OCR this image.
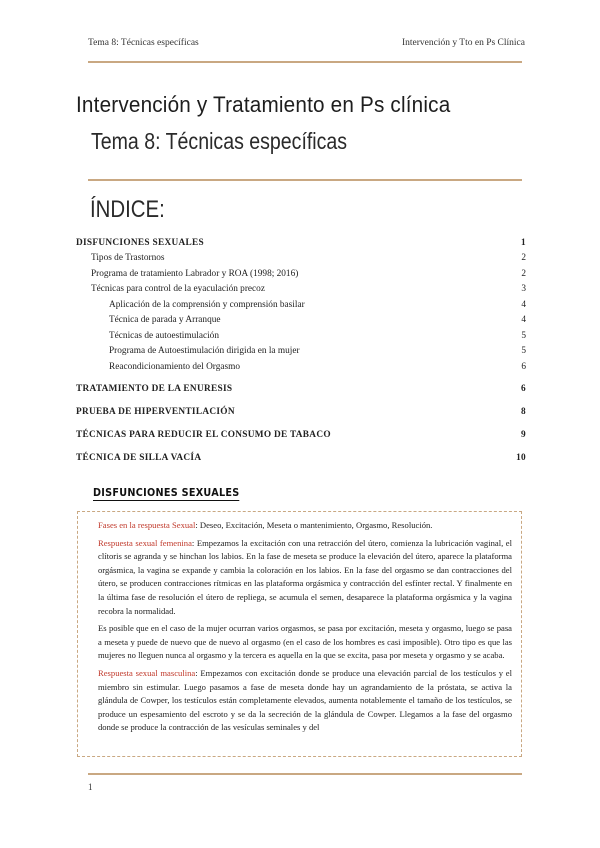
Tema 8: Técnicas específicas	Intervención y Tto en Ps Clínica
Intervención y Tratamiento en Ps clínica
Tema 8: Técnicas específicas
ÍNDICE:
DISFUNCIONES SEXUALES	1
Tipos de Trastornos	2
Programa de tratamiento Labrador y ROA (1998; 2016)	2
Técnicas para control de la eyaculación precoz	3
Aplicación de la comprensión y comprensión basilar	4
Técnica de parada y Arranque	4
Técnicas de autoestimulación	5
Programa de Autoestimulación dirigida en la mujer	5
Reacondicionamiento del Orgasmo	6
TRATAMIENTO DE LA ENURESIS	6
PRUEBA DE HIPERVENTILACIÓN	8
TÉCNICAS PARA REDUCIR EL CONSUMO DE TABACO	9
TÉCNICA DE SILLA VACÍA	10
DISFUNCIONES SEXUALES

Fases en la respuesta Sexual: Deseo, Excitación, Meseta o mantenimiento, Orgasmo, Resolución.

Respuesta sexual femenina: Empezamos la excitación con una retracción del útero, comienza la lubricación vaginal, el clítoris se agranda y se hinchan los labios. En la fase de meseta se produce la elevación del útero, aparece la plataforma orgásmica, la vagina se expande y cambia la coloración en los labios. En la fase del orgasmo se dan contracciones del útero, se producen contracciones rítmicas en las plataforma orgásmica y contracción del esfínter rectal. Y finalmente en la última fase de resolución el útero de repliega, se acumula el semen, desaparece la plataforma orgásmica y la vagina recobra la normalidad.

Es posible que en el caso de la mujer ocurran varios orgasmos, se pasa por excitación, meseta y orgasmo, luego se pasa a meseta y puede de nuevo que de nuevo al orgasmo (en el caso de los hombres es casi imposible). Otro tipo es que las mujeres no lleguen nunca al orgasmo y la tercera es aquella en la que se excita, pasa por meseta y orgasmo y se acaba.

Respuesta sexual masculina: Empezamos con excitación donde se produce una elevación parcial de los testículos y el miembro sin estimular. Luego pasamos a fase de meseta donde hay un agrandamiento de la próstata, se activa la glándula de Cowper, los testículos están completamente elevados, aumenta notablemente el tamaño de los testículos, se produce un espesamiento del escroto y se da la secreción de la glándula de Cowper. Llegamos a la fase del orgasmo donde se produce la contracción de las vesículas seminales y del

1
